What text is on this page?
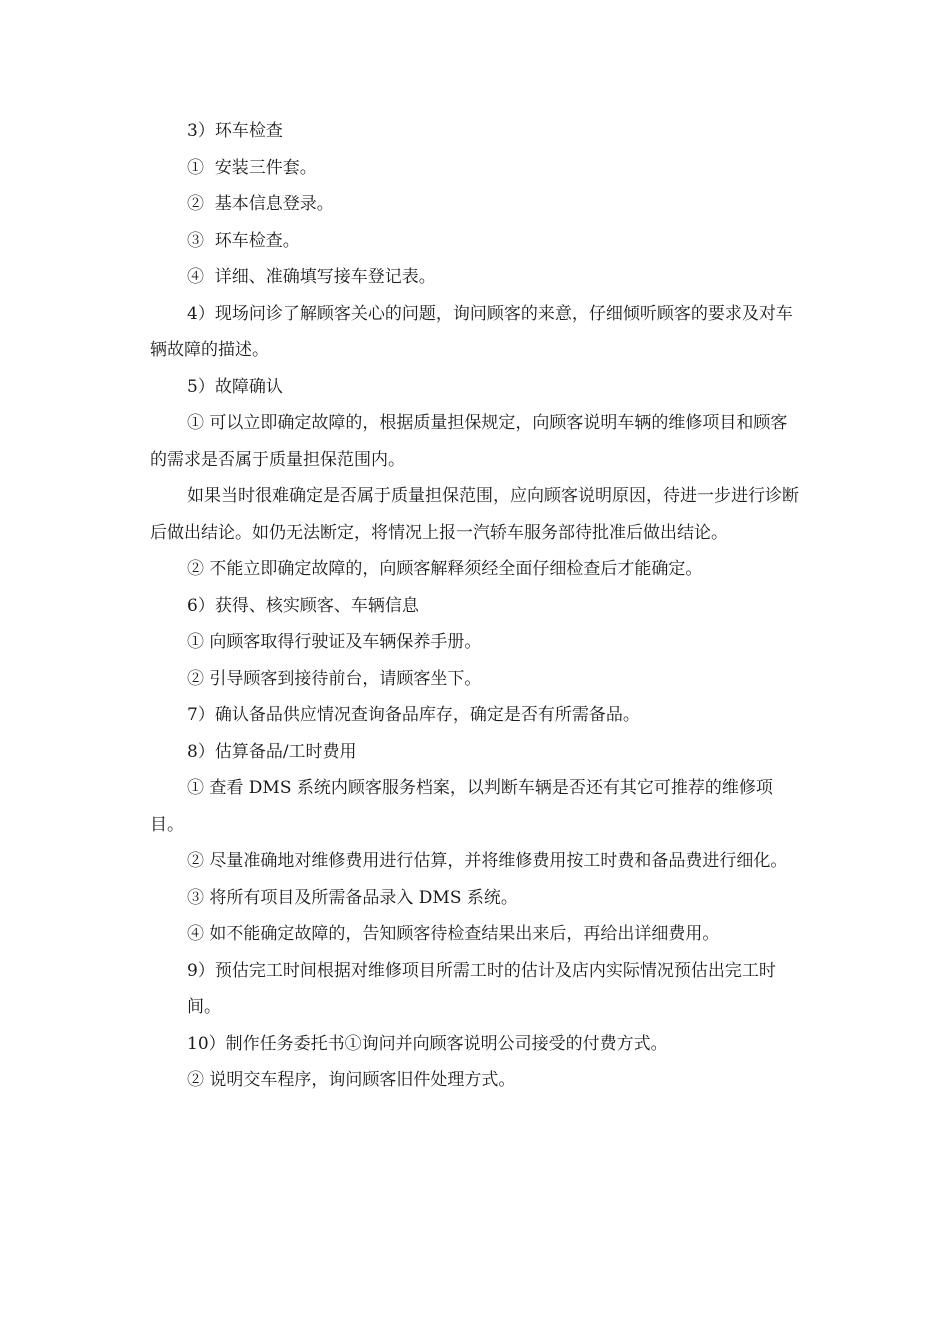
3）环车检查

①  安装三件套。

②  基本信息登录。

③  环车检查。

④  详细、准确填写接车登记表。

4）现场问诊了解顾客关心的问题，询问顾客的来意，仔细倾听顾客的要求及对车辆故障的描述。

5）故障确认

① 可以立即确定故障的，根据质量担保规定，向顾客说明车辆的维修项目和顾客的需求是否属于质量担保范围内。

如果当时很难确定是否属于质量担保范围，应向顾客说明原因，待进一步进行诊断后做出结论。如仍无法断定，将情况上报一汽轿车服务部待批准后做出结论。

② 不能立即确定故障的，向顾客解释须经全面仔细检查后才能确定。

6）获得、核实顾客、车辆信息

① 向顾客取得行驶证及车辆保养手册。

② 引导顾客到接待前台，请顾客坐下。

7）确认备品供应情况查询备品库存，确定是否有所需备品。

8）估算备品/工时费用

① 查看 DMS 系统内顾客服务档案，以判断车辆是否还有其它可推荐的维修项目。

② 尽量准确地对维修费用进行估算，并将维修费用按工时费和备品费进行细化。

③ 将所有项目及所需备品录入 DMS 系统。

④ 如不能确定故障的，告知顾客待检查结果出来后，再给出详细费用。

9）预估完工时间根据对维修项目所需工时的估计及店内实际情况预估出完工时间。

10）制作任务委托书①询问并向顾客说明公司接受的付费方式。

② 说明交车程序，询问顾客旧件处理方式。
